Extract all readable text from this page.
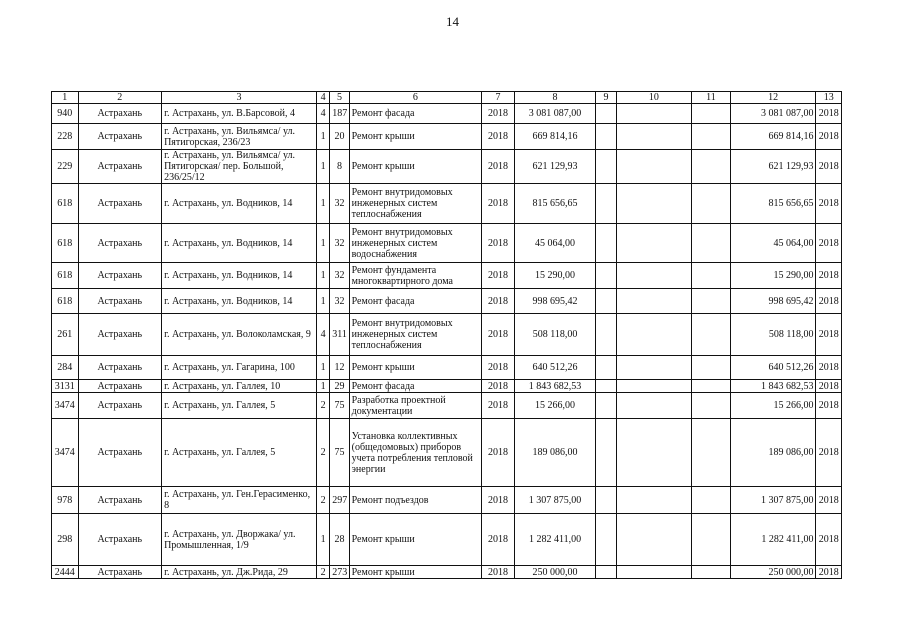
14
1	2	3	4	5	6	7	8	9	10	11	12	13
940	Астрахань	г. Астрахань, ул. В.Барсовой, 4	4	187	Ремонт фасада	2018	3 081 087,00				3 081 087,00	2018
228	Астрахань	г. Астрахань, ул. Вильямса/ ул. Пятигорская, 236/23	1	20	Ремонт крыши	2018	669 814,16				669 814,16	2018
229	Астрахань	г. Астрахань, ул. Вильямса/ ул. Пятигорская/ пер. Большой, 236/25/12	1	8	Ремонт крыши	2018	621 129,93				621 129,93	2018
618	Астрахань	г. Астрахань, ул. Водников, 14	1	32	Ремонт внутридомовых инженерных систем теплоснабжения	2018	815 656,65				815 656,65	2018
618	Астрахань	г. Астрахань, ул. Водников, 14	1	32	Ремонт внутридомовых инженерных систем водоснабжения	2018	45 064,00				45 064,00	2018
618	Астрахань	г. Астрахань, ул. Водников, 14	1	32	Ремонт фундамента многоквартирного дома	2018	15 290,00				15 290,00	2018
618	Астрахань	г. Астрахань, ул. Водников, 14	1	32	Ремонт фасада	2018	998 695,42				998 695,42	2018
261	Астрахань	г. Астрахань, ул. Волоколамская, 9	4	311	Ремонт внутридомовых инженерных систем теплоснабжения	2018	508 118,00				508 118,00	2018
284	Астрахань	г. Астрахань, ул. Гагарина, 100	1	12	Ремонт крыши	2018	640 512,26				640 512,26	2018
3131	Астрахань	г. Астрахань, ул. Галлея, 10	1	29	Ремонт фасада	2018	1 843 682,53				1 843 682,53	2018
3474	Астрахань	г. Астрахань, ул. Галлея, 5	2	75	Разработка проектной документации	2018	15 266,00				15 266,00	2018
3474	Астрахань	г. Астрахань, ул. Галлея, 5	2	75	Установка коллективных (общедомовых) приборов учета потребления тепловой энергии	2018	189 086,00				189 086,00	2018
978	Астрахань	г. Астрахань, ул. Ген.Герасименко, 8	2	297	Ремонт подъездов	2018	1 307 875,00				1 307 875,00	2018
298	Астрахань	г. Астрахань, ул. Дворжака/ ул. Промышленная, 1/9	1	28	Ремонт крыши	2018	1 282 411,00				1 282 411,00	2018
2444	Астрахань	г. Астрахань, ул. Дж.Рида, 29	2	273	Ремонт крыши	2018	250 000,00				250 000,00	2018
